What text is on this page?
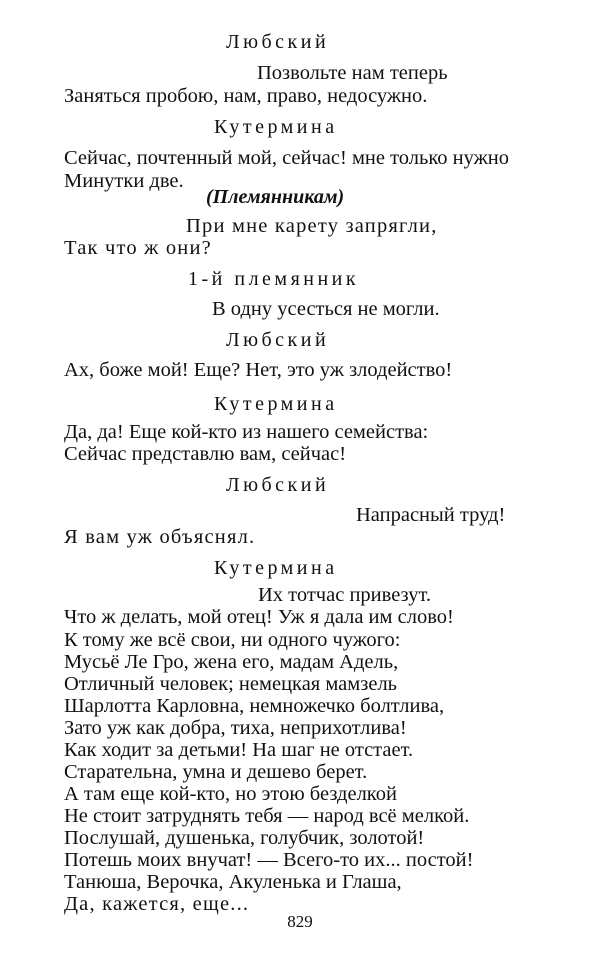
Любский

Позвольте нам теперь

Заняться пробою, нам, право, недосужно.

Кутермина

Сейчас, почтенный мой, сейчас! мне только нужно

Минутки две.

(Племянникам)

При мне карету запрягли,

Так что ж они?

1-й племянник

В одну усесться не могли.

Любский

Ах, боже мой! Еще? Нет, это уж злодейство!

Кутермина

Да, да! Еще кой-кто из нашего семейства:

Сейчас представлю вам, сейчас!

Любский

Напрасный труд!

Я вам уж объяснял.

Кутермина

Их тотчас привезут.

Что ж делать, мой отец! Уж я дала им слово!

К тому же всё свои, ни одного чужого:

Мусьё Ле Гро, жена его, мадам Адель,

Отличный человек; немецкая мамзель

Шарлотта Карловна, немножечко болтлива,

Зато уж как добра, тиха, неприхотлива!

Как ходит за детьми! На шаг не отстает.

Старательна, умна и дешево берет.

А там еще кой-кто, но этою безделкой

Не стоит затруднять тебя — народ всё мелкой.

Послушай, душенька, голубчик, золотой!

Потешь моих внучат! — Всего-то их... постой!

Танюша, Верочка, Акуленька и Глаша,

Да, кажется, еще...

829
